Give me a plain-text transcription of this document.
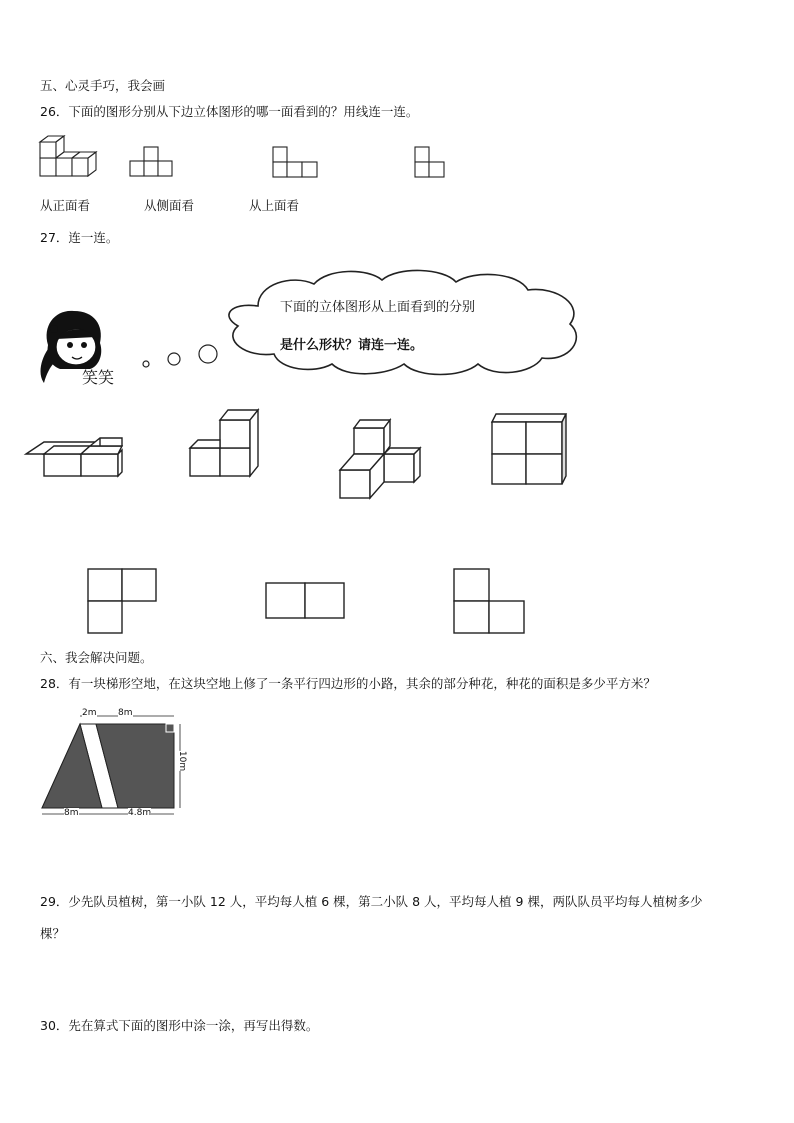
五、心灵手巧，我会画
26．下面的图形分别从下边立体图形的哪一面看到的？用线连一连。
从正面看	从侧面看	从上面看
27．连一连。
笑笑
下面的立体图形从上面看到的分别
是什么形状？请连一连。
六、我会解决问题。
28．有一块梯形空地，在这块空地上修了一条平行四边形的小路，其余的部分种花，种花的面积是多少平方米？
2m 8m
10m
8m	4.8m
29．少先队员植树，第一小队 12 人，平均每人植 6 棵，第二小队 8 人，平均每人植 9 棵，两队队员平均每人植树多少
棵？
30．先在算式下面的图形中涂一涂，再写出得数。
